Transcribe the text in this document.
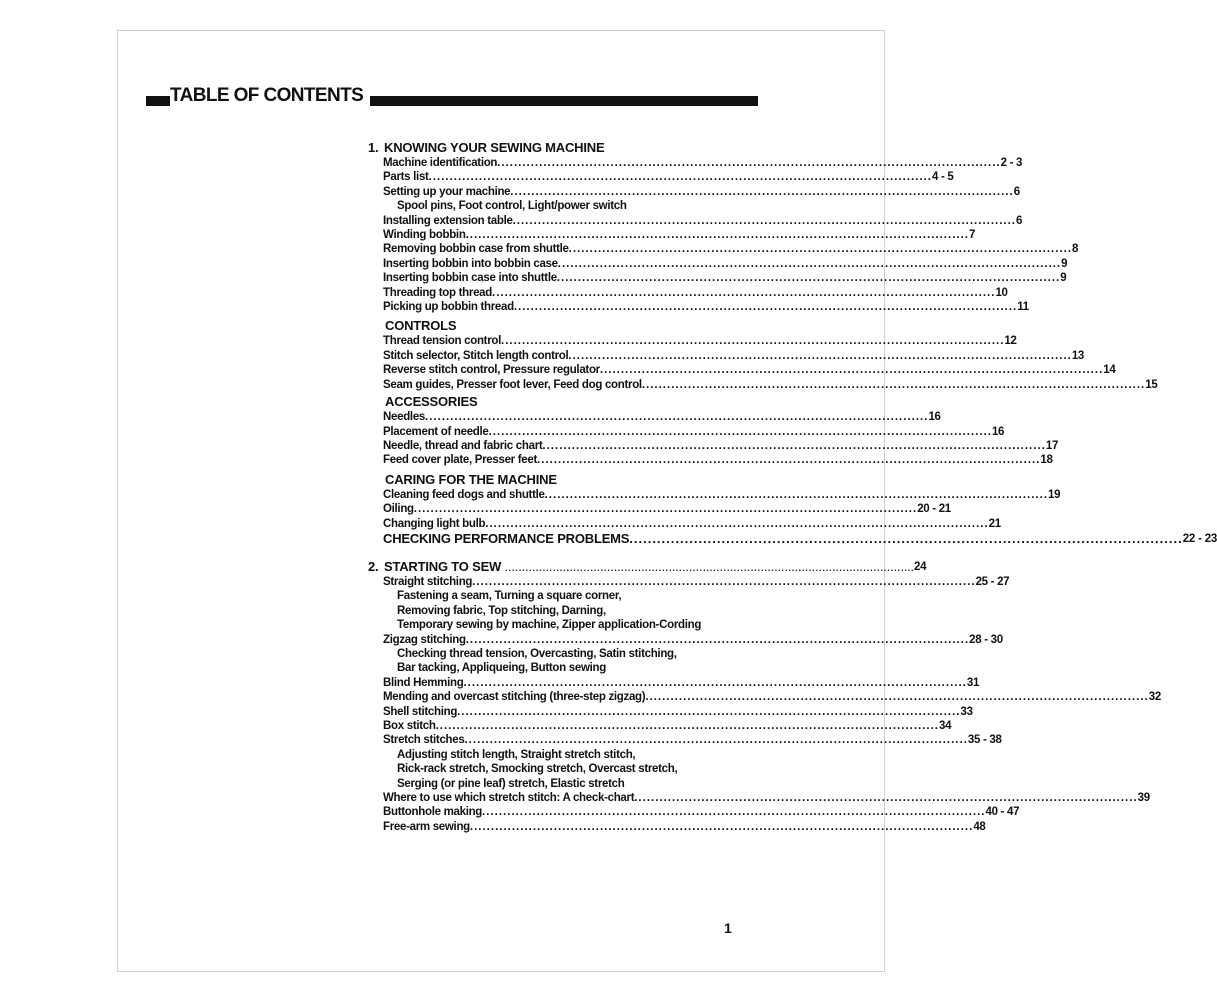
TABLE OF CONTENTS
1. KNOWING YOUR SEWING MACHINE
Machine identification ........................................................................................................................ 2 - 3
Parts list ........................................................................................................................ 4 - 5
Setting up your machine ........................................................................................................................ 6
Spool pins, Foot control, Light/power switch
Installing extension table ........................................................................................................................ 6
Winding bobbin ........................................................................................................................ 7
Removing bobbin case from shuttle ........................................................................................................................ 8
Inserting bobbin into bobbin case ........................................................................................................................ 9
Inserting bobbin case into shuttle ........................................................................................................................ 9
Threading top thread ........................................................................................................................ 10
Picking up bobbin thread ........................................................................................................................ 11
CONTROLS
Thread tension control ........................................................................................................................ 12
Stitch selector, Stitch length control ........................................................................................................................ 13
Reverse stitch control, Pressure regulator ........................................................................................................................ 14
Seam guides, Presser foot lever, Feed dog control ........................................................................................................................ 15
ACCESSORIES
Needles ........................................................................................................................ 16
Placement of needle ........................................................................................................................ 16
Needle, thread and fabric chart ........................................................................................................................ 17
Feed cover plate, Presser feet ........................................................................................................................ 18
CARING FOR THE MACHINE
Cleaning feed dogs and shuttle ........................................................................................................................ 19
Oiling ........................................................................................................................ 20 - 21
Changing light bulb ........................................................................................................................ 21
CHECKING PERFORMANCE PROBLEMS ........................................................................................................................ 22 - 23
2. STARTING TO SEW ........................................................................................................................ 24
Straight stitching ........................................................................................................................ 25 - 27
Fastening a seam, Turning a square corner,
Removing fabric, Top stitching, Darning,
Temporary sewing by machine, Zipper application-Cording
Zigzag stitching ........................................................................................................................ 28 - 30
Checking thread tension, Overcasting, Satin stitching,
Bar tacking, Appliqueing, Button sewing
Blind Hemming ........................................................................................................................ 31
Mending and overcast stitching (three-step zigzag) ........................................................................................................................ 32
Shell stitching ........................................................................................................................ 33
Box stitch ........................................................................................................................ 34
Stretch stitches ........................................................................................................................ 35 - 38
Adjusting stitch length, Straight stretch stitch,
Rick-rack stretch, Smocking stretch, Overcast stretch,
Serging (or pine leaf) stretch, Elastic stretch
Where to use which stretch stitch: A check-chart ........................................................................................................................ 39
Buttonhole making ........................................................................................................................ 40 - 47
Free-arm sewing ........................................................................................................................ 48
1
